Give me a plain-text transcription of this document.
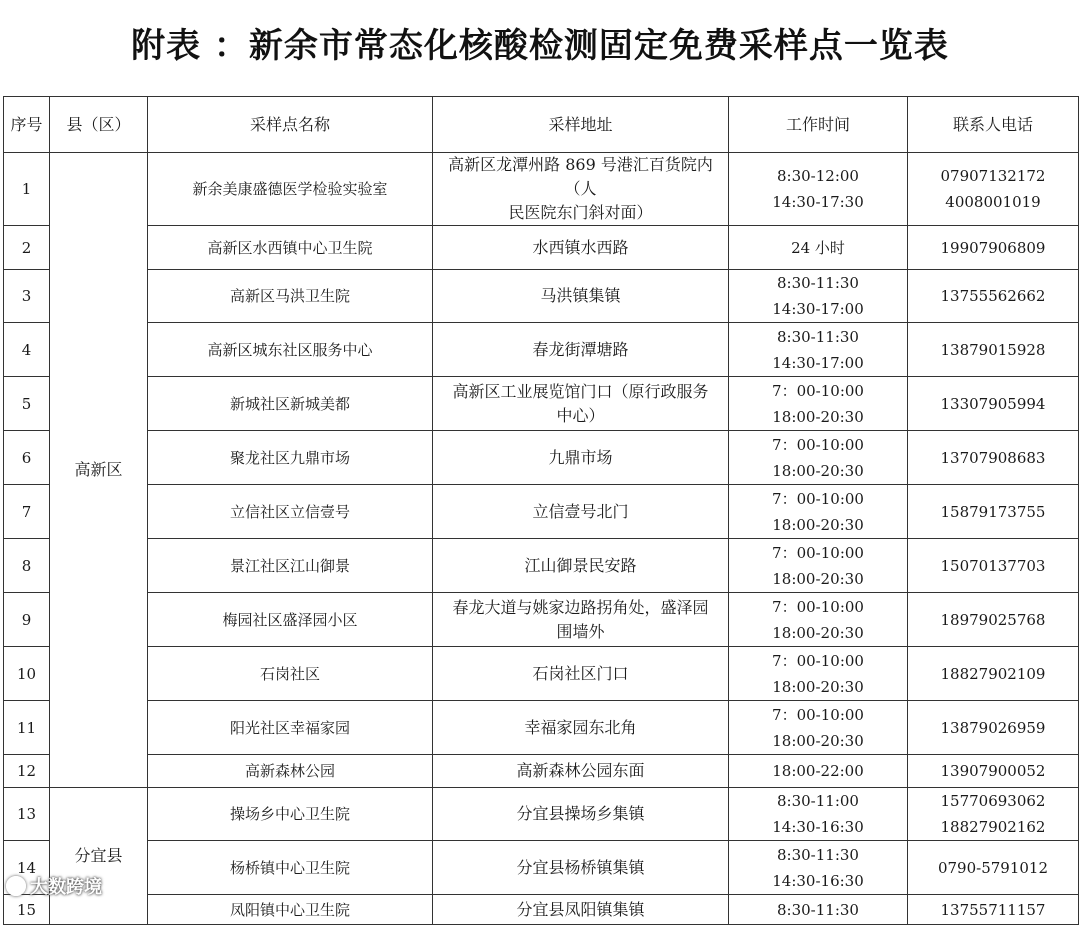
附表 ：新余市常态化核酸检测固定免费采样点一览表
序号	县（区）	采样点名称	采样地址	工作时间	联系人电话
1	高新区	新余美康盛德医学检验实验室	高新区龙潭州路 869 号港汇百货院内（人
民医院东门斜对面）	8:30-12:00
14:30-17:30	07907132172
4008001019

2		高新区水西镇中心卫生院	水西镇水西路	24 小时	19907906809

3		高新区马洪卫生院	马洪镇集镇	8:30-11:30
14:30-17:00	13755562662

4		高新区城东社区服务中心	春龙街潭塘路	8:30-11:30
14:30-17:00	13879015928

5		新城社区新城美都	高新区工业展览馆门口（原行政服务
中心）	7：00-10:00
18:00-20:30	13307905994

6		聚龙社区九鼎市场	九鼎市场	7：00-10:00
18:00-20:30	13707908683

7		立信社区立信壹号	立信壹号北门	7：00-10:00
18:00-20:30	15879173755

8		景江社区江山御景	江山御景民安路	7：00-10:00
18:00-20:30	15070137703

9		梅园社区盛泽园小区	春龙大道与姚家边路拐角处，盛泽园
围墙外	7：00-10:00
18:00-20:30	18979025768

10		石岗社区	石岗社区门口	7：00-10:00
18:00-20:30	18827902109

11		阳光社区幸福家园	幸福家园东北角	7：00-10:00
18:00-20:30	13879026959

12		高新森林公园	高新森林公园东面	18:00-22:00	13907900052

13	分宜县	操场乡中心卫生院	分宜县操场乡集镇	8:30-11:00
14:30-16:30	15770693062
18827902162

14		杨桥镇中心卫生院	分宜县杨桥镇集镇	8:30-11:30
14:30-16:30	0790-5791012

15		凤阳镇中心卫生院	分宜县凤阳镇集镇	8:30-11:30	13755711157
大数跨境
